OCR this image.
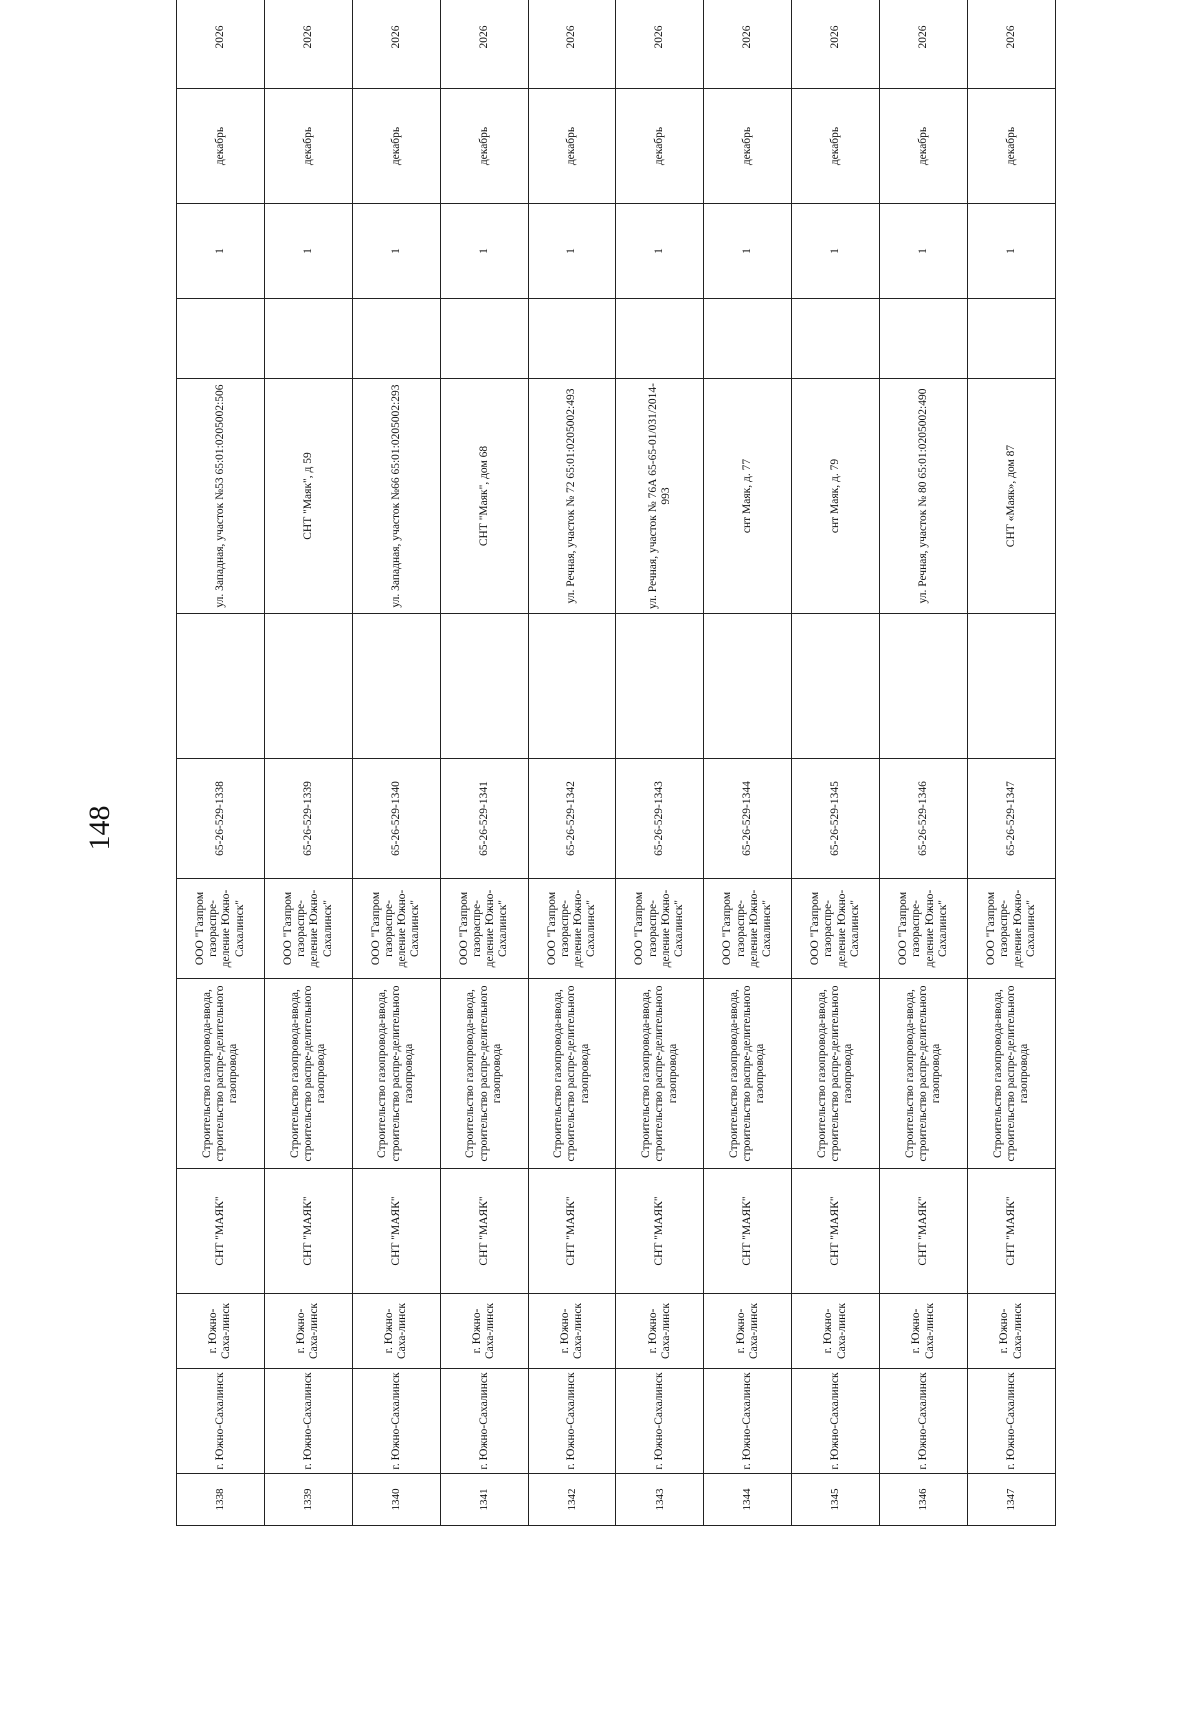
148
1338	г. Южно-Сахалинск	г. Южно-Саха-линск	СНТ "МАЯК"	Строительство газопровода-ввода, строительство распре-делительного газопровода	ООО "Газпром газораспре-деление Южно-Сахалинск"	65-26-529-1338		ул. Западная, участок №53 65:01:0205002:506		1	декабрь	2026
1339	г. Южно-Сахалинск	г. Южно-Саха-линск	СНТ "МАЯК"	Строительство газопровода-ввода, строительство распре-делительного газопровода	ООО "Газпром газораспре-деление Южно-Сахалинск"	65-26-529-1339		СНТ "Маяк", д 59		1	декабрь	2026
1340	г. Южно-Сахалинск	г. Южно-Саха-линск	СНТ "МАЯК"	Строительство газопровода-ввода, строительство распре-делительного газопровода	ООО "Газпром газораспре-деление Южно-Сахалинск"	65-26-529-1340		ул. Западная, участок №66 65:01:0205002:293		1	декабрь	2026
1341	г. Южно-Сахалинск	г. Южно-Саха-линск	СНТ "МАЯК"	Строительство газопровода-ввода, строительство распре-делительного газопровода	ООО "Газпром газораспре-деление Южно-Сахалинск"	65-26-529-1341		СНТ "Маяк", дом 68		1	декабрь	2026
1342	г. Южно-Сахалинск	г. Южно-Саха-линск	СНТ "МАЯК"	Строительство газопровода-ввода, строительство распре-делительного газопровода	ООО "Газпром газораспре-деление Южно-Сахалинск"	65-26-529-1342		ул. Речная, участок № 72 65:01:0205002:493		1	декабрь	2026
1343	г. Южно-Сахалинск	г. Южно-Саха-линск	СНТ "МАЯК"	Строительство газопровода-ввода, строительство распре-делительного газопровода	ООО "Газпром газораспре-деление Южно-Сахалинск"	65-26-529-1343		ул. Речная, участок № 76А 65-65-01/031/2014-993		1	декабрь	2026
1344	г. Южно-Сахалинск	г. Южно-Саха-линск	СНТ "МАЯК"	Строительство газопровода-ввода, строительство распре-делительного газопровода	ООО "Газпром газораспре-деление Южно-Сахалинск"	65-26-529-1344		снт Маяк, д. 77		1	декабрь	2026
1345	г. Южно-Сахалинск	г. Южно-Саха-линск	СНТ "МАЯК"	Строительство газопровода-ввода, строительство распре-делительного газопровода	ООО "Газпром газораспре-деление Южно-Сахалинск"	65-26-529-1345		снт Маяк, д. 79		1	декабрь	2026
1346	г. Южно-Сахалинск	г. Южно-Саха-линск	СНТ "МАЯК"	Строительство газопровода-ввода, строительство распре-делительного газопровода	ООО "Газпром газораспре-деление Южно-Сахалинск"	65-26-529-1346		ул. Речная, участок № 80 65:01:0205002:490		1	декабрь	2026
1347	г. Южно-Сахалинск	г. Южно-Саха-линск	СНТ "МАЯК"	Строительство газопровода-ввода, строительство распре-делительного газопровода	ООО "Газпром газораспре-деление Южно-Сахалинск"	65-26-529-1347		СНТ «Маяк», дом 87		1	декабрь	2026
